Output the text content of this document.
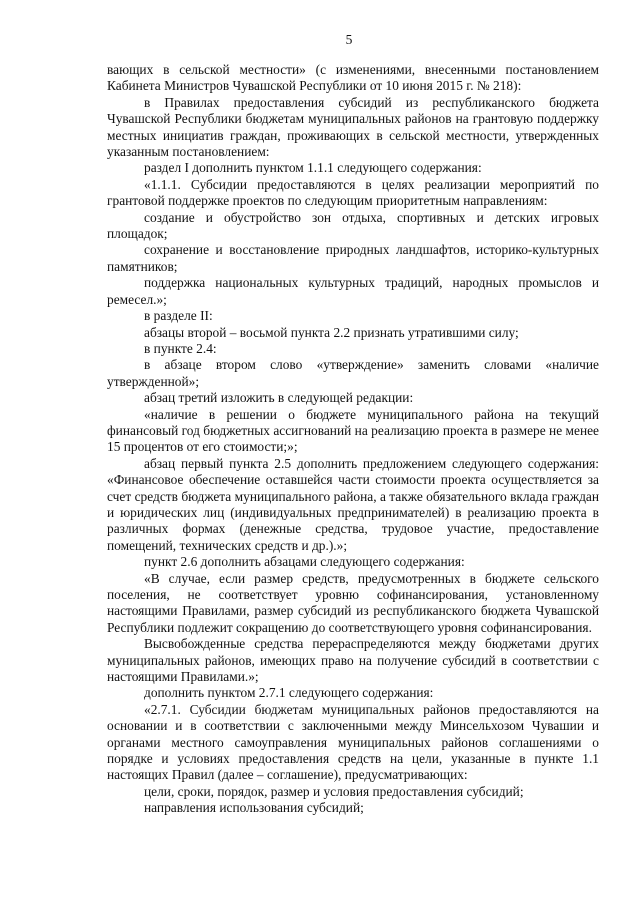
5

вающих в сельской местности» (с изменениями, внесенными постановлением Кабинета Министров Чувашской Республики от 10 июня 2015 г. № 218):

в Правилах предоставления субсидий из республиканского бюджета Чувашской Республики бюджетам муниципальных районов на грантовую поддержку местных инициатив граждан, проживающих в сельской местности, утвержденных указанным постановлением:

раздел I дополнить пунктом 1.1.1 следующего содержания:

«1.1.1. Субсидии предоставляются в целях реализации мероприятий по грантовой поддержке проектов по следующим приоритетным направлениям:

создание и обустройство зон отдыха, спортивных и детских игровых площадок;

сохранение и восстановление природных ландшафтов, историко-культурных памятников;

поддержка национальных культурных традиций, народных промыслов и ремесел.»;

в разделе II:

абзацы второй – восьмой пункта 2.2 признать утратившими силу;

в пункте 2.4:

в абзаце втором слово «утверждение» заменить словами «наличие утвержденной»;

абзац третий изложить в следующей редакции:

«наличие в решении о бюджете муниципального района на текущий финансовый год бюджетных ассигнований на реализацию проекта в размере не менее 15 процентов от его стоимости;»;

абзац первый пункта 2.5 дополнить предложением следующего содержания: «Финансовое обеспечение оставшейся части стоимости проекта осуществляется за счет средств бюджета муниципального района, а также обязательного вклада граждан и юридических лиц (индивидуальных предпринимателей) в реализацию проекта в различных формах (денежные средства, трудовое участие, предоставление помещений, технических средств и др.).»;

пункт 2.6 дополнить абзацами следующего содержания:

«В случае, если размер средств, предусмотренных в бюджете сельского поселения, не соответствует уровню софинансирования, установленному настоящими Правилами, размер субсидий из республиканского бюджета Чувашской Республики подлежит сокращению до соответствующего уровня софинансирования.

Высвобожденные средства перераспределяются между бюджетами других муниципальных районов, имеющих право на получение субсидий в соответствии с настоящими Правилами.»;

дополнить пунктом 2.7.1 следующего содержания:

«2.7.1. Субсидии бюджетам муниципальных районов предоставляются на основании и в соответствии с заключенными между Минсельхозом Чувашии и органами местного самоуправления муниципальных районов соглашениями о порядке и условиях предоставления средств на цели, указанные в пункте 1.1 настоящих Правил (далее – соглашение), предусматривающих:

цели, сроки, порядок, размер и условия предоставления субсидий;

направления использования субсидий;
